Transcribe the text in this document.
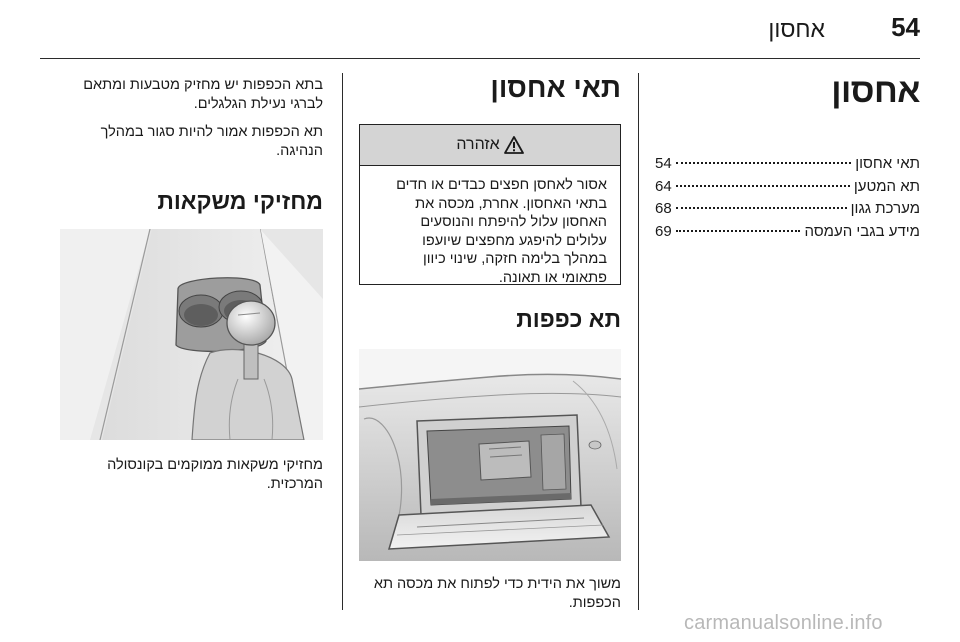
אחסון	54
אחסון
תאי אחסון
54
תא המטען
64
מערכת גגון
68
מידע בגבי העמסה
69
תאי אחסון
אזהרה
אסור לאחסן חפצים כבדים או חדים
בתאי האחסון. אחרת, מכסה את
האחסון עלול להיפתח והנוסעים
עלולים להיפגע מחפצים שיועפו
במהלך בלימה חזקה, שינוי כיוון
פתאומי או תאונה.
תא כפפות

משוך את הידית כדי לפתוח את מכסה תא
הכפפות.

בתא הכפפות יש מחזיק מטבעות ומתאם
לברגי נעילת הגלגלים.

תא הכפפות אמור להיות סגור במהלך
הנהיגה.

מחזיקי משקאות

מחזיקי משקאות ממוקמים בקונסולה
המרכזית.

carmanualsonline.info
